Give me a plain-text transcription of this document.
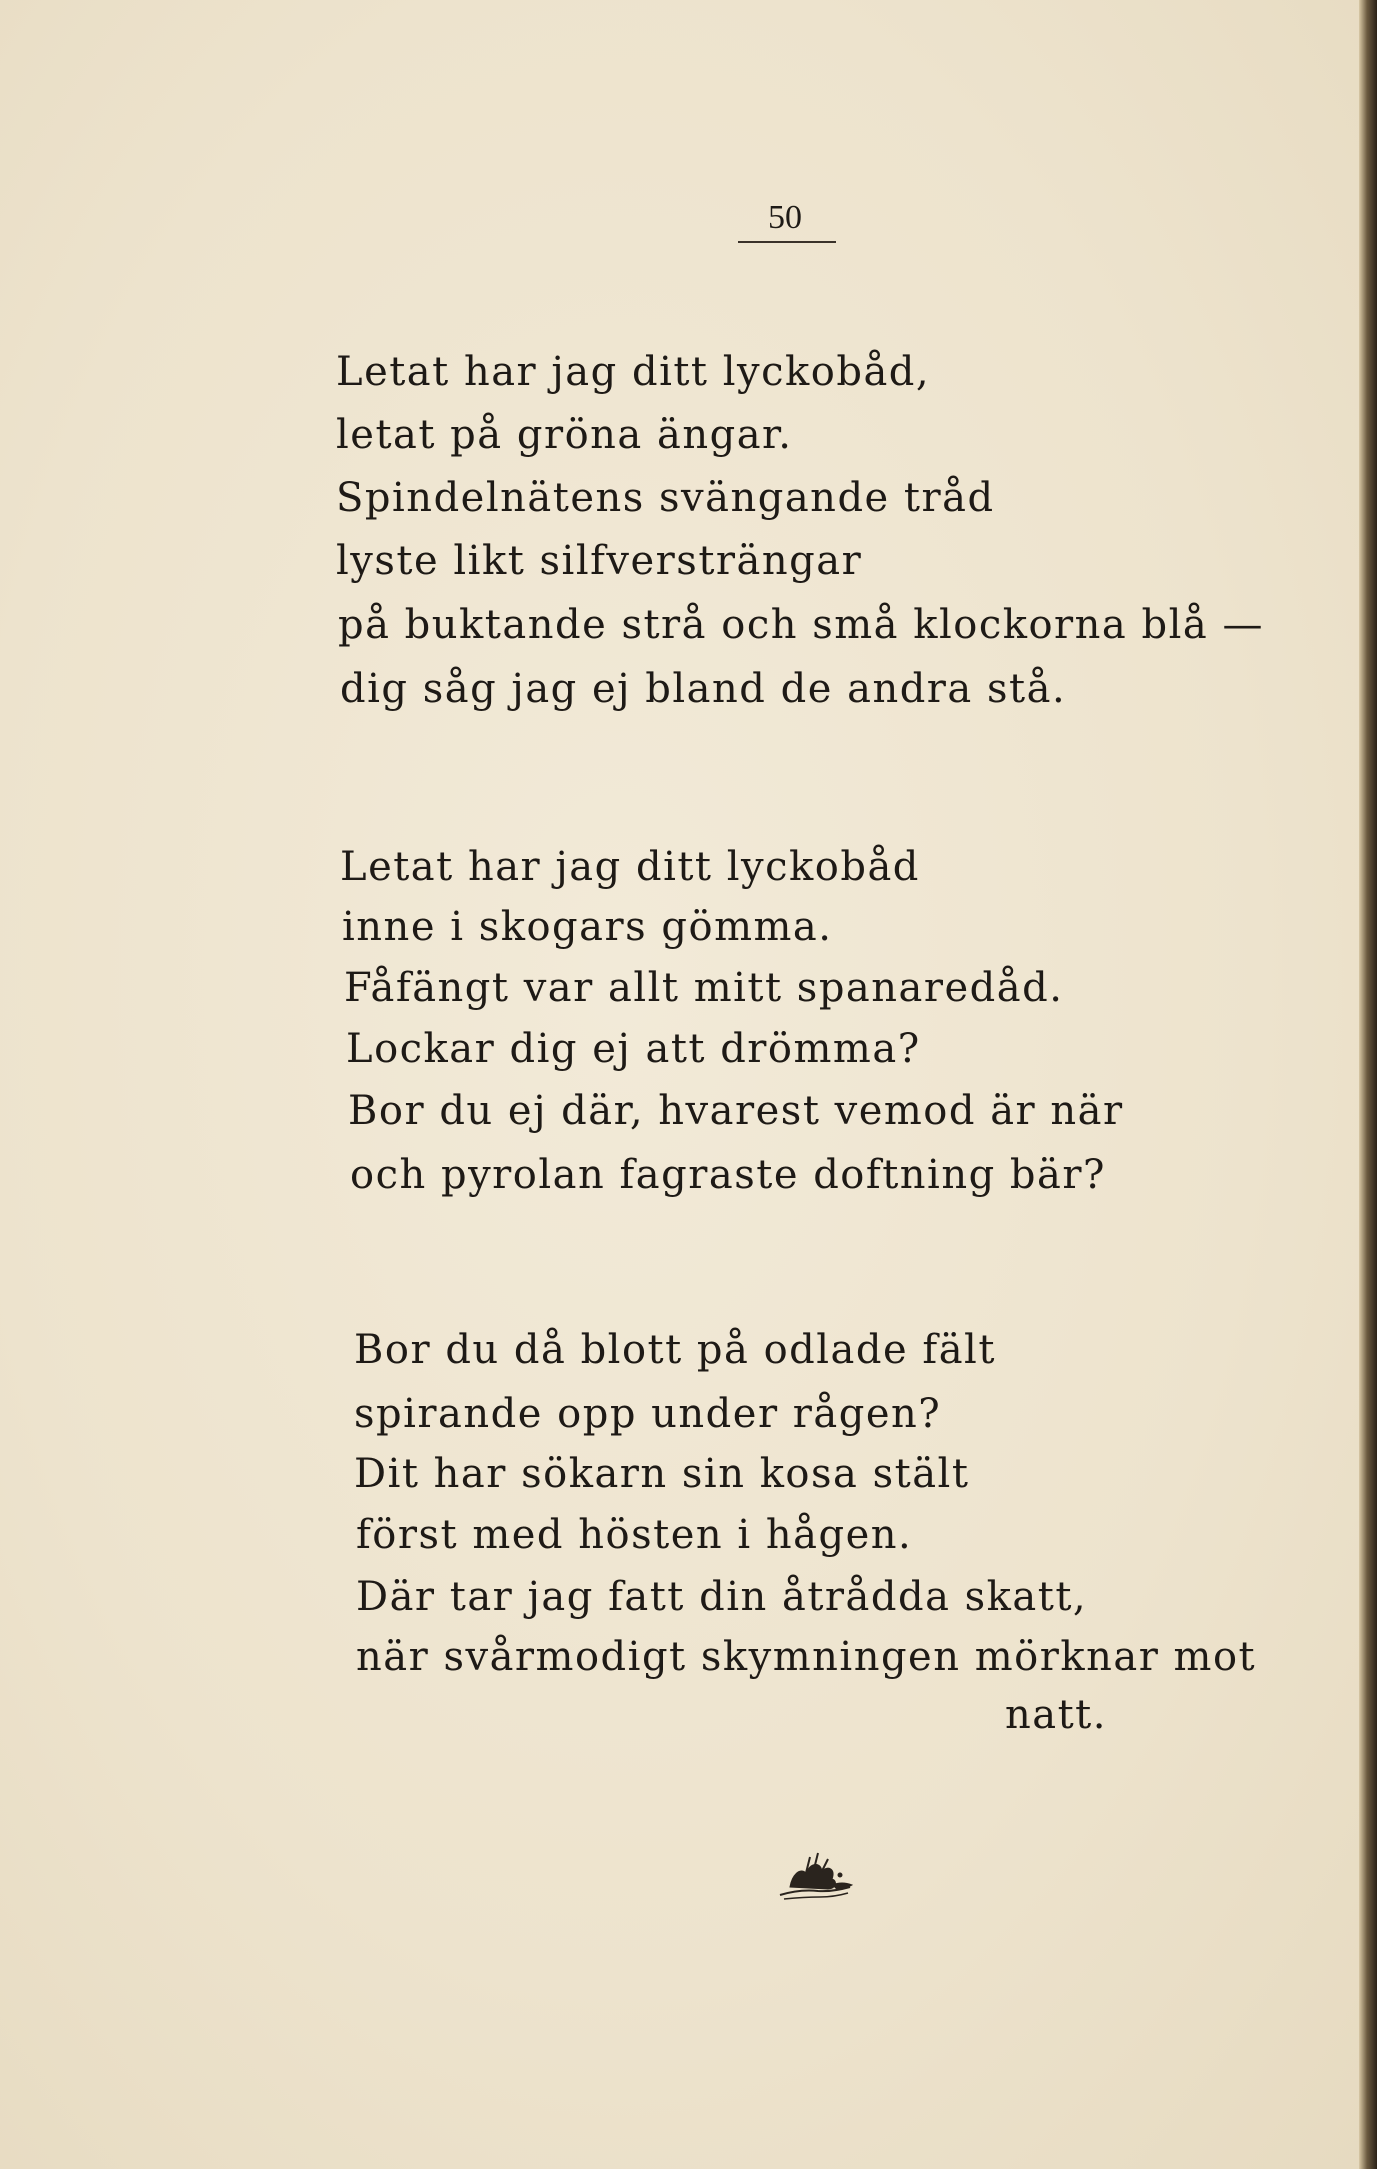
50
Letat har jag ditt lyckobåd,
letat på gröna ängar.
Spindelnätens svängande tråd
lyste likt silfversträngar
på buktande strå och små klockorna blå —
dig såg jag ej bland de andra stå.
Letat har jag ditt lyckobåd
inne i skogars gömma.
Fåfängt var allt mitt spanaredåd.
Lockar dig ej att drömma?
Bor du ej där, hvarest vemod är när
och pyrolan fagraste doftning bär?
Bor du då blott på odlade fält
spirande opp under rågen?
Dit har sökarn sin kosa stält
först med hösten i hågen.
Där tar jag fatt din åtrådda skatt,
när svårmodigt skymningen mörknar mot
natt.
